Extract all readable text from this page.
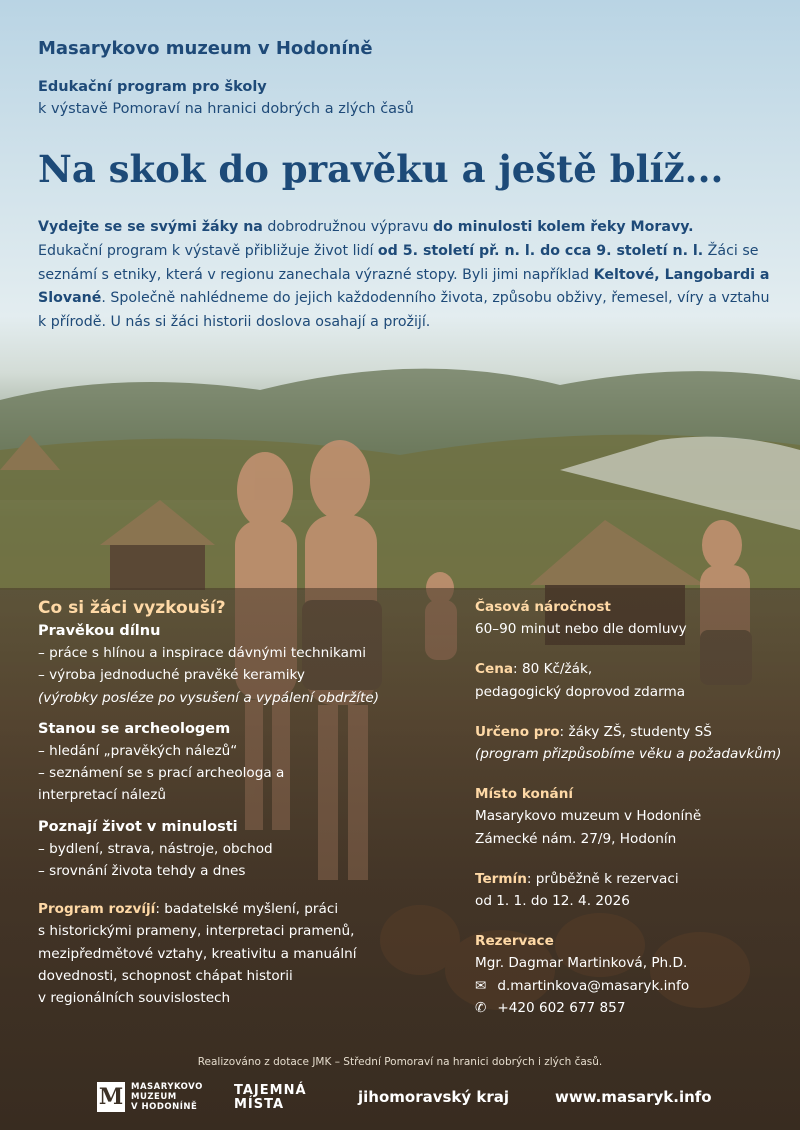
Masarykovo muzeum v Hodoníně
Edukační program pro školy
k výstavě Pomoraví na hranici dobrých a zlých časů
Na skok do pravěku a ještě blíž...
Vydejte se se svými žáky na dobrodružnou výpravu do minulosti kolem řeky Moravy.
Edukační program k výstavě přibližuje život lidí od 5. století př. n. l. do cca 9. století n. l. Žáci se seznámí s etniky, která v regionu zanechala výrazné stopy. Byli jimi například Keltové, Langobardi a Slované. Společně nahlédneme do jejich každodenního života, způsobu obživy, řemesel, víry a vztahu k přírodě. U nás si žáci historii doslova osahají a prožijí.
Co si žáci vyzkouší?
Pravěkou dílnu
– práce s hlínou a inspirace dávnými technikami
– výroba jednoduché pravěké keramiky
(výrobky posléze po vysušení a vypálení obdržíte)
Stanou se archeologem
– hledání „pravěkých nálezů“
– seznámení se s prací archeologa a
interpretací nálezů
Poznají život v minulosti
– bydlení, strava, nástroje, obchod
– srovnání života tehdy a dnes
Program rozvíjí: badatelské myšlení, práci
s historickými prameny, interpretaci pramenů,
mezipředmětové vztahy, kreativitu a manuální
dovednosti, schopnost chápat historii
v regionálních souvislostech
Časová náročnost
60–90 minut nebo dle domluvy
Cena: 80 Kč/žák,
pedagogický doprovod zdarma
Určeno pro: žáky ZŠ, studenty SŠ
(program přizpůsobíme věku a požadavkům)
Místo konání
Masarykovo muzeum v Hodoníně
Zámecké nám. 27/9, Hodonín
Termín: průběžně k rezervaci
od 1. 1. do 12. 4. 2026
Rezervace
Mgr. Dagmar Martinková, Ph.D.
✉ d.martinkova@masaryk.info
✆ +420 602 677 857
Realizováno z dotace JMK – Střední Pomoraví na hranici dobrých i zlých časů.
M MASARYKOVO
MUZEUM
V HODONÍNĚ
TAJEMNÁ
MÍSTA	jihomoravský kraj	www.masaryk.info
